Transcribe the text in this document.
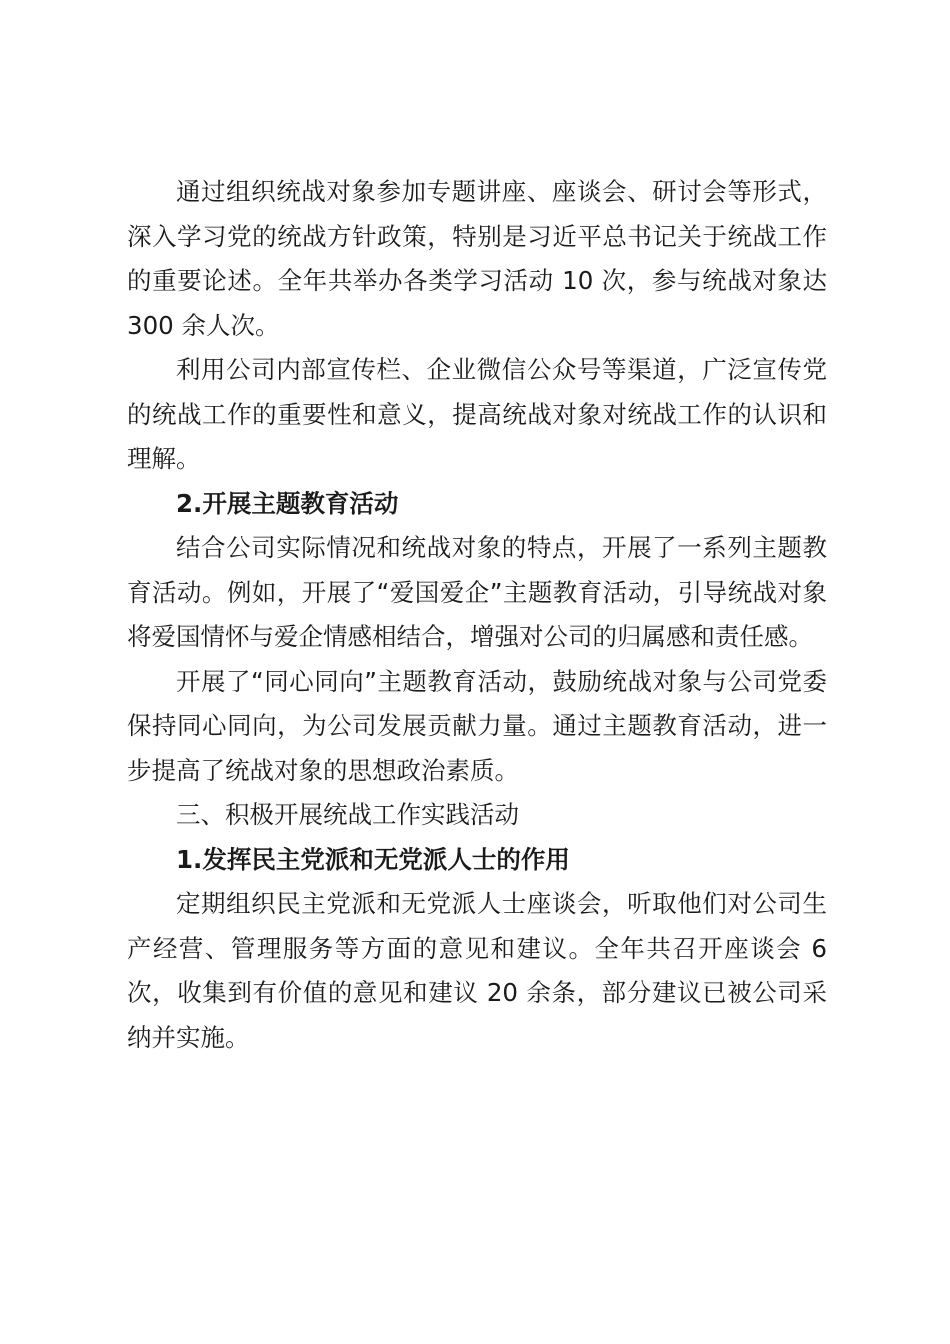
通过组织统战对象参加专题讲座、座谈会、研讨会等形式，深入学习党的统战方针政策，特别是习近平总书记关于统战工作的重要论述。全年共举办各类学习活动 10 次，参与统战对象达 300 余人次。

利用公司内部宣传栏、企业微信公众号等渠道，广泛宣传党的统战工作的重要性和意义，提高统战对象对统战工作的认识和理解。

2.开展主题教育活动

结合公司实际情况和统战对象的特点，开展了一系列主题教育活动。例如，开展了“爱国爱企”主题教育活动，引导统战对象将爱国情怀与爱企情感相结合，增强对公司的归属感和责任感。

开展了“同心同向”主题教育活动，鼓励统战对象与公司党委保持同心同向，为公司发展贡献力量。通过主题教育活动，进一步提高了统战对象的思想政治素质。

三、积极开展统战工作实践活动

1.发挥民主党派和无党派人士的作用

定期组织民主党派和无党派人士座谈会，听取他们对公司生产经营、管理服务等方面的意见和建议。全年共召开座谈会 6 次，收集到有价值的意见和建议 20 余条，部分建议已被公司采纳并实施。
